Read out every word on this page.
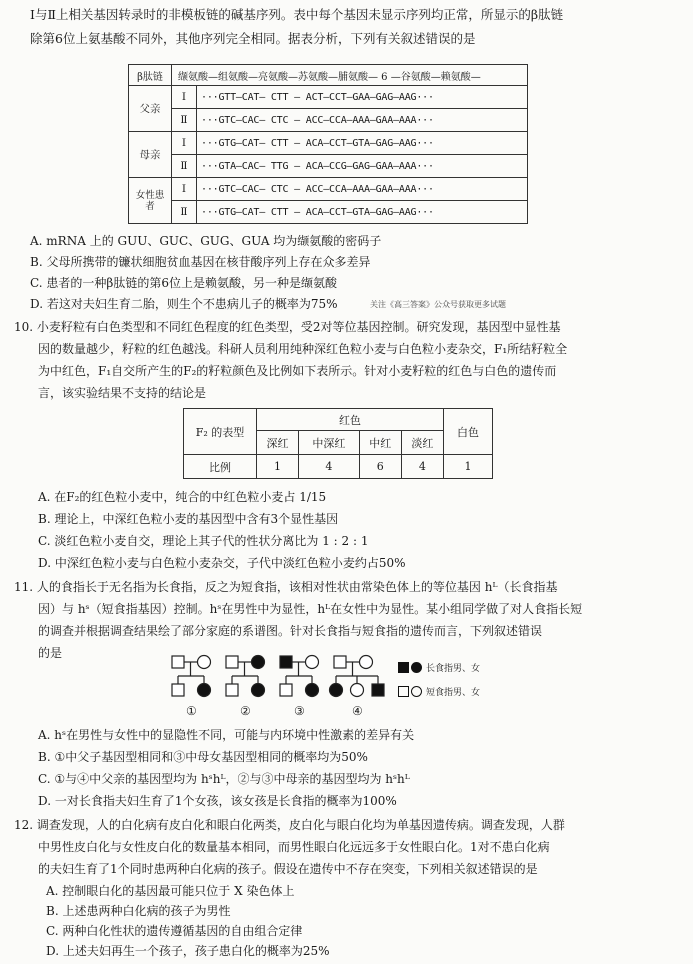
Ⅰ与Ⅱ上相关基因转录时的非模板链的碱基序列。表中每个基因未显示序列均正常，所显示的β肽链
除第6位上氨基酸不同外，其他序列完全相同。据表分析，下列有关叙述错误的是
β肽链	缬氨酸—组氨酸—亮氨酸—苏氨酸—脯氨酸— 6 —谷氨酸—赖氨酸—	
父亲	Ⅰ	···GTT—CAT— CTT — ACT—CCT—GAA—GAG—AAG···
	Ⅱ	···GTC—CAC— CTC — ACC—CCA—AAA—GAA—AAA···
母亲	Ⅰ	···GTG—CAT— CTT — ACA—CCT—GTA—GAG—AAG···
	Ⅱ	···GTA—CAC— TTG — ACA—CCG—GAG—GAA—AAA···
女性患者	Ⅰ	···GTC—CAC— CTC — ACC—CCA—AAA—GAA—AAA···
	Ⅱ	···GTG—CAT— CTT — ACA—CCT—GTA—GAG—AAG···
A. mRNA 上的 GUU、GUC、GUG、GUA 均为缬氨酸的密码子
B. 父母所携带的镰状细胞贫血基因在核苷酸序列上存在众多差异
C. 患者的一种β肽链的第6位上是赖氨酸，另一种是缬氨酸
D. 若这对夫妇生育二胎，则生个不患病儿子的概率为75%	关注《高三答案》公众号获取更多试题
10. 小麦籽粒有白色类型和不同红色程度的红色类型，受2对等位基因控制。研究发现，基因型中显性基
因的数量越少，籽粒的红色越浅。科研人员利用纯种深红色粒小麦与白色粒小麦杂交，F₁所结籽粒全
为中红色，F₁自交所产生的F₂的籽粒颜色及比例如下表所示。针对小麦籽粒的红色与白色的遗传而
言，该实验结果不支持的结论是
F₂ 的表型	红色				白色
	深红	中深红	中红	淡红	
比例	1	4	6	4	1
A. 在F₂的红色粒小麦中，纯合的中红色粒小麦占 1/15
B. 理论上，中深红色粒小麦的基因型中含有3个显性基因
C. 淡红色粒小麦自交，理论上其子代的性状分离比为 1 : 2 : 1
D. 中深红色粒小麦与白色粒小麦杂交，子代中淡红色粒小麦约占50%
11. 人的食指长于无名指为长食指，反之为短食指，该相对性状由常染色体上的等位基因 hᴸ（长食指基
因）与 hˢ（短食指基因）控制。hˢ在男性中为显性，hᴸ在女性中为显性。某小组同学做了对人食指长短
的调查并根据调查结果绘了部分家庭的系谱图。针对长食指与短食指的遗传而言，下列叙述错误
的是
①	②	③	④
长食指男、女
短食指男、女
A. hˢ在男性与女性中的显隐性不同，可能与内环境中性激素的差异有关
B. ①中父子基因型相同和③中母女基因型相同的概率均为50%
C. ①与④中父亲的基因型均为 hˢhᴸ，②与③中母亲的基因型均为 hˢhᴸ
D. 一对长食指夫妇生育了1个女孩，该女孩是长食指的概率为100%
12. 调查发现，人的白化病有皮白化和眼白化两类，皮白化与眼白化均为单基因遗传病。调查发现，人群
中男性皮白化与女性皮白化的数量基本相同，而男性眼白化远远多于女性眼白化。1对不患白化病
的夫妇生育了1个同时患两种白化病的孩子。假设在遗传中不存在突变，下列相关叙述错误的是
A. 控制眼白化的基因最可能只位于 X 染色体上
B. 上述患两种白化病的孩子为男性
C. 两种白化性状的遗传遵循基因的自由组合定律
D. 上述夫妇再生一个孩子，孩子患白化的概率为25%
